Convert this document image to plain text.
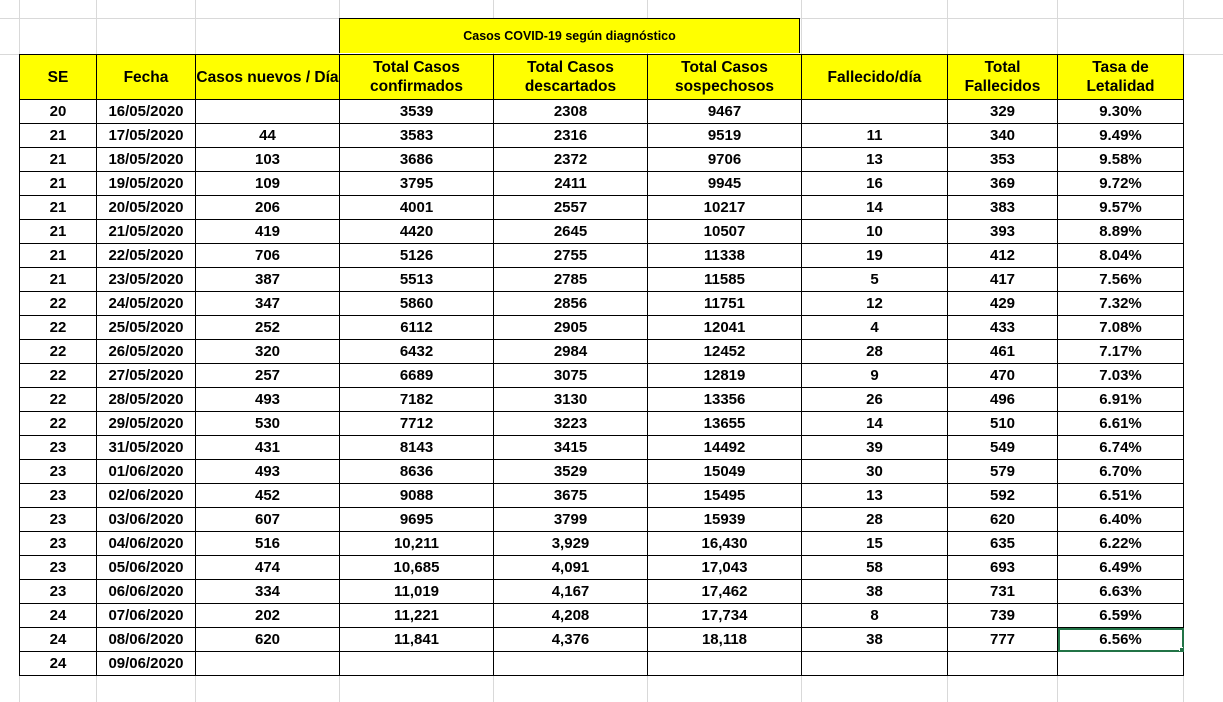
Casos COVID-19 según diagnóstico
SE	Fecha	Casos nuevos / Día	Total Casos confirmados	Total Casos descartados	Total Casos sospechosos	Fallecido/día	Total Fallecidos	Tasa de Letalidad
20	16/05/2020		3539	2308	9467		329	9.30%
21	17/05/2020	44	3583	2316	9519	11	340	9.49%
21	18/05/2020	103	3686	2372	9706	13	353	9.58%
21	19/05/2020	109	3795	2411	9945	16	369	9.72%
21	20/05/2020	206	4001	2557	10217	14	383	9.57%
21	21/05/2020	419	4420	2645	10507	10	393	8.89%
21	22/05/2020	706	5126	2755	11338	19	412	8.04%
21	23/05/2020	387	5513	2785	11585	5	417	7.56%
22	24/05/2020	347	5860	2856	11751	12	429	7.32%
22	25/05/2020	252	6112	2905	12041	4	433	7.08%
22	26/05/2020	320	6432	2984	12452	28	461	7.17%
22	27/05/2020	257	6689	3075	12819	9	470	7.03%
22	28/05/2020	493	7182	3130	13356	26	496	6.91%
22	29/05/2020	530	7712	3223	13655	14	510	6.61%
23	31/05/2020	431	8143	3415	14492	39	549	6.74%
23	01/06/2020	493	8636	3529	15049	30	579	6.70%
23	02/06/2020	452	9088	3675	15495	13	592	6.51%
23	03/06/2020	607	9695	3799	15939	28	620	6.40%
23	04/06/2020	516	10,211	3,929	16,430	15	635	6.22%
23	05/06/2020	474	10,685	4,091	17,043	58	693	6.49%
23	06/06/2020	334	11,019	4,167	17,462	38	731	6.63%
24	07/06/2020	202	11,221	4,208	17,734	8	739	6.59%
24	08/06/2020	620	11,841	4,376	18,118	38	777	6.56%

24	09/06/2020							
